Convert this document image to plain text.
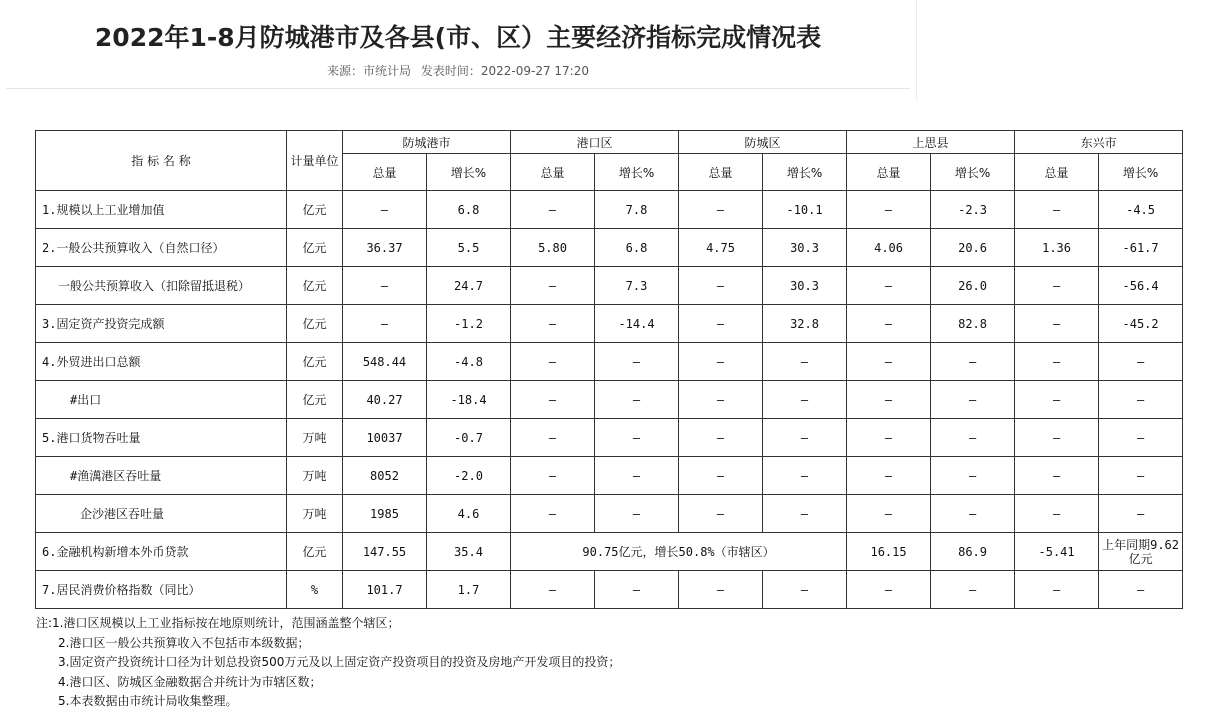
2022年1-8月防城港市及各县(市、区）主要经济指标完成情况表
来源：市统计局 发表时间：2022-09-27 17:20
指 标 名 称	计量单位	防城港市		港口区		防城区		上思县		东兴市	
		总量	增长%	总量	增长%	总量	增长%	总量	增长%	总量	增长%
1.规模以上工业增加值	亿元	—	6.8	—	7.8	—	-10.1	—	-2.3	—	-4.5
2.一般公共预算收入（自然口径）	亿元	36.37	5.5	5.80	6.8	4.75	30.3	4.06	20.6	1.36	-61.7
一般公共预算收入（扣除留抵退税）	亿元	—	24.7	—	7.3	—	30.3	—	26.0	—	-56.4
3.固定资产投资完成额	亿元	—	-1.2	—	-14.4	—	32.8	—	82.8	—	-45.2
4.外贸进出口总额	亿元	548.44	-4.8	—	—	—	—	—	—	—	—
#出口	亿元	40.27	-18.4	—	—	—	—	—	—	—	—
5.港口货物吞吐量	万吨	10037	-0.7	—	—	—	—	—	—	—	—
#渔澫港区吞吐量	万吨	8052	-2.0	—	—	—	—	—	—	—	—
企沙港区吞吐量	万吨	1985	4.6	—	—	—	—	—	—	—	—
6.金融机构新增本外币贷款	亿元	147.55	35.4	90.75亿元，增长50.8%（市辖区）				16.15	86.9	-5.41	上年同期9.62亿元
7.居民消费价格指数（同比）	%	101.7	1.7	—	—	—	—	—	—	—	—
注:1.港口区规模以上工业指标按在地原则统计，范围涵盖整个辖区；
2.港口区一般公共预算收入不包括市本级数据；
3.固定资产投资统计口径为计划总投资500万元及以上固定资产投资项目的投资及房地产开发项目的投资；
4.港口区、防城区金融数据合并统计为市辖区数；
5.本表数据由市统计局收集整理。
